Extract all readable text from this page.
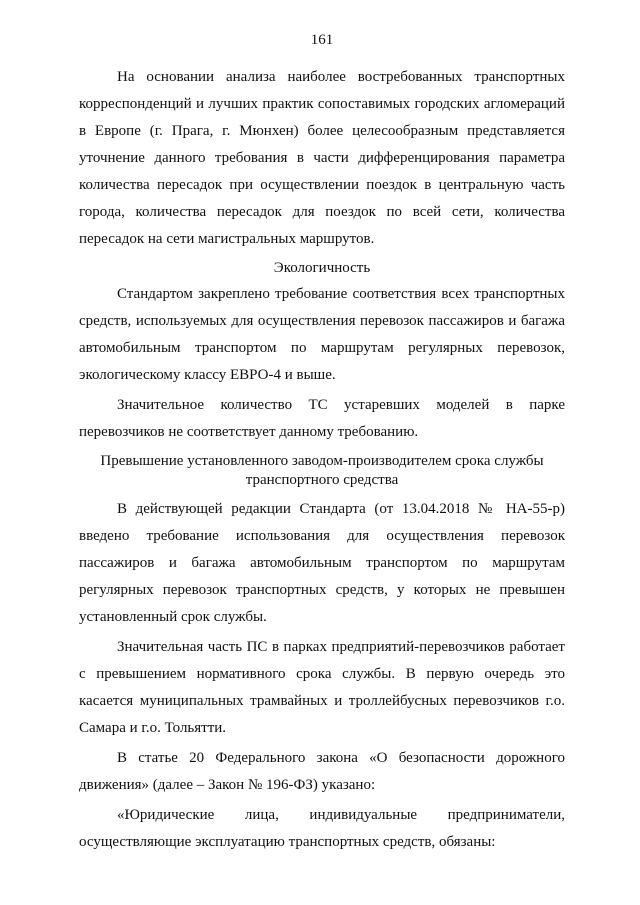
161

На основании анализа наиболее востребованных транспортных корреспонденций и лучших практик сопоставимых городских агломераций в Европе (г. Прага, г. Мюнхен) более целесообразным представляется уточнение данного требования в части дифференцирования параметра количества пересадок при осуществлении поездок в центральную часть города, количества пересадок для поездок по всей сети, количества пересадок на сети магистральных маршрутов.

Экологичность

Стандартом закреплено требование соответствия всех транспортных средств, используемых для осуществления перевозок пассажиров и багажа автомобильным транспортом по маршрутам регулярных перевозок, экологическому классу ЕВРО-4 и выше.

Значительное количество ТС устаревших моделей в парке перевозчиков не соответствует данному требованию.

Превышение установленного заводом-производителем срока службы транспортного средства

В действующей редакции Стандарта (от 13.04.2018 № НА-55-р) введено требование использования для осуществления перевозок пассажиров и багажа автомобильным транспортом по маршрутам регулярных перевозок транспортных средств, у которых не превышен установленный срок службы.

Значительная часть ПС в парках предприятий-перевозчиков работает с превышением нормативного срока службы. В первую очередь это касается муниципальных трамвайных и троллейбусных перевозчиков г.о. Самара и г.о. Тольятти.

В статье 20 Федерального закона «О безопасности дорожного движения» (далее – Закон № 196-ФЗ) указано:

«Юридические лица, индивидуальные предприниматели, осуществляющие эксплуатацию транспортных средств, обязаны:
